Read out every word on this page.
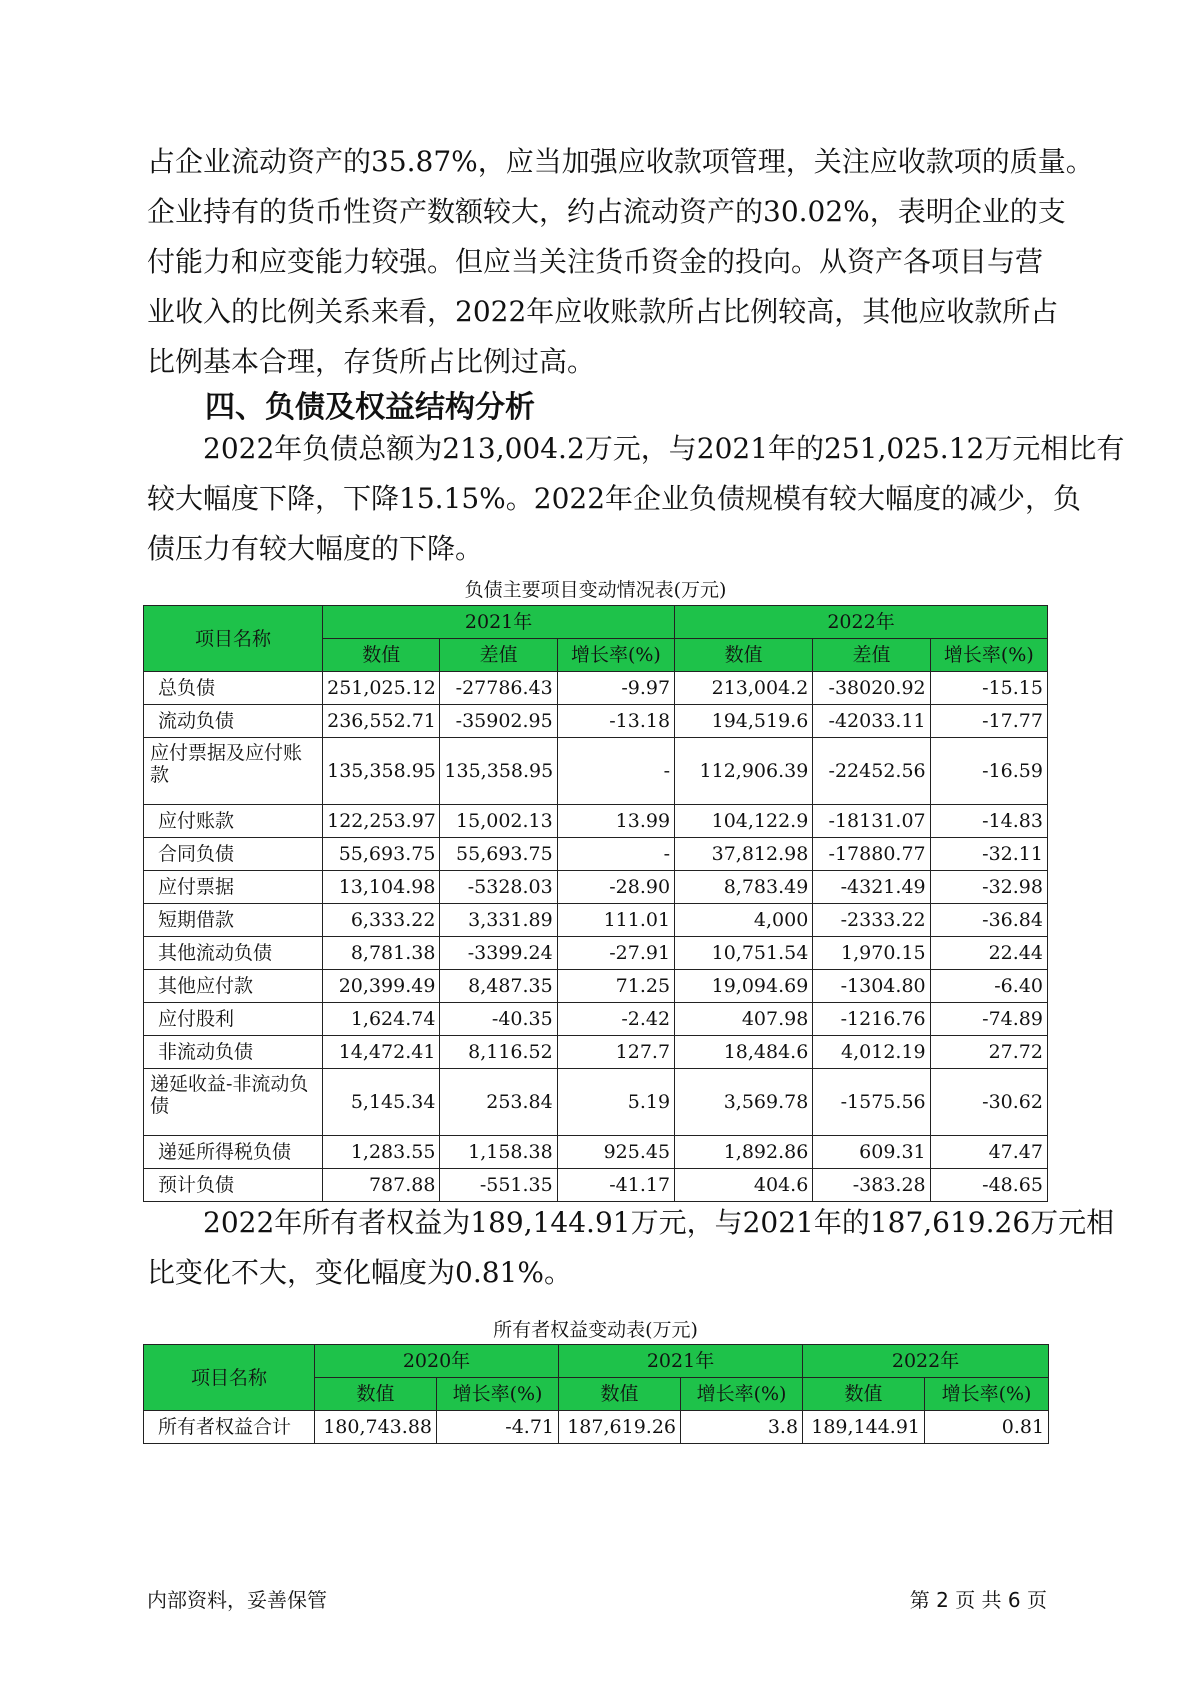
占企业流动资产的35.87%，应当加强应收款项管理，关注应收款项的质量。
企业持有的货币性资产数额较大，约占流动资产的30.02%，表明企业的支
付能力和应变能力较强。但应当关注货币资金的投向。从资产各项目与营
业收入的比例关系来看，2022年应收账款所占比例较高，其他应收款所占
比例基本合理，存货所占比例过高。

四、负债及权益结构分析

2022年负债总额为213,004.2万元，与2021年的251,025.12万元相比有
较大幅度下降，下降15.15%。2022年企业负债规模有较大幅度的减少，负
债压力有较大幅度的下降。

负债主要项目变动情况表(万元)

项目名称	2021年			2022年		
	数值	差值	增长率(%)	数值	差值	增长率(%)
总负债	251,025.12	-27786.43	-9.97	213,004.2	-38020.92	-15.15
流动负债	236,552.71	-35902.95	-13.18	194,519.6	-42033.11	-17.77
应付票据及应付账款	135,358.95	135,358.95	-	112,906.39	-22452.56	-16.59
应付账款	122,253.97	15,002.13	13.99	104,122.9	-18131.07	-14.83
合同负债	55,693.75	55,693.75	-	37,812.98	-17880.77	-32.11
应付票据	13,104.98	-5328.03	-28.90	8,783.49	-4321.49	-32.98
短期借款	6,333.22	3,331.89	111.01	4,000	-2333.22	-36.84
其他流动负债	8,781.38	-3399.24	-27.91	10,751.54	1,970.15	22.44
其他应付款	20,399.49	8,487.35	71.25	19,094.69	-1304.80	-6.40
应付股利	1,624.74	-40.35	-2.42	407.98	-1216.76	-74.89
非流动负债	14,472.41	8,116.52	127.7	18,484.6	4,012.19	27.72
递延收益-非流动负债	5,145.34	253.84	5.19	3,569.78	-1575.56	-30.62
递延所得税负债	1,283.55	1,158.38	925.45	1,892.86	609.31	47.47
预计负债	787.88	-551.35	-41.17	404.6	-383.28	-48.65

2022年所有者权益为189,144.91万元，与2021年的187,619.26万元相
比变化不大，变化幅度为0.81%。

所有者权益变动表(万元)

项目名称	2020年		2021年		2022年	
	数值	增长率(%)	数值	增长率(%)	数值	增长率(%)
所有者权益合计	180,743.88	-4.71	187,619.26	3.8	189,144.91	0.81
内部资料，妥善保管	第 2 页 共 6 页
